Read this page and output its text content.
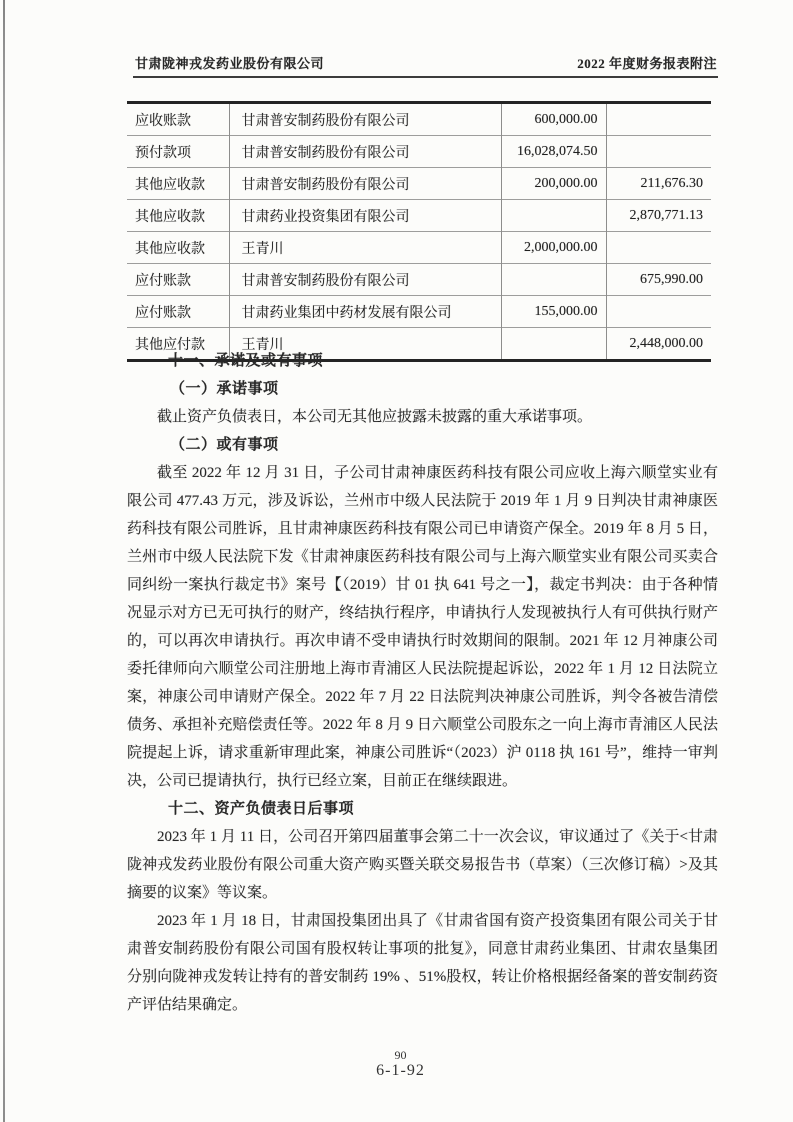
甘肃陇神戎发药业股份有限公司	2022 年度财务报表附注
应收账款	甘肃普安制药股份有限公司	600,000.00	
预付款项	甘肃普安制药股份有限公司	16,028,074.50	
其他应收款	甘肃普安制药股份有限公司	200,000.00	211,676.30
其他应收款	甘肃药业投资集团有限公司		2,870,771.13
其他应收款	王青川	2,000,000.00	
应付账款	甘肃普安制药股份有限公司		675,990.00
应付账款	甘肃药业集团中药材发展有限公司	155,000.00	
其他应付款	王青川		2,448,000.00

十一、承诺及或有事项

（一）承诺事项

截止资产负债表日，本公司无其他应披露未披露的重大承诺事项。

（二）或有事项

截至 2022 年 12 月 31 日，子公司甘肃神康医药科技有限公司应收上海六顺堂实业有限公司 477.43 万元，涉及诉讼，兰州市中级人民法院于 2019 年 1 月 9 日判决甘肃神康医药科技有限公司胜诉，且甘肃神康医药科技有限公司已申请资产保全。2019 年 8 月 5 日，兰州市中级人民法院下发《甘肃神康医药科技有限公司与上海六顺堂实业有限公司买卖合同纠纷一案执行裁定书》案号【（2019）甘 01 执 641 号之一】，裁定书判决：由于各种情况显示对方已无可执行的财产，终结执行程序，申请执行人发现被执行人有可供执行财产的，可以再次申请执行。再次申请不受申请执行时效期间的限制。2021 年 12 月神康公司委托律师向六顺堂公司注册地上海市青浦区人民法院提起诉讼，2022 年 1 月 12 日法院立案，神康公司申请财产保全。2022 年 7 月 22 日法院判决神康公司胜诉，判令各被告清偿债务、承担补充赔偿责任等。2022 年 8 月 9 日六顺堂公司股东之一向上海市青浦区人民法院提起上诉，请求重新审理此案，神康公司胜诉“（2023）沪 0118 执 161 号”，维持一审判决，公司已提请执行，执行已经立案，目前正在继续跟进。

十二、资产负债表日后事项

2023 年 1 月 11 日，公司召开第四届董事会第二十一次会议，审议通过了《关于<甘肃陇神戎发药业股份有限公司重大资产购买暨关联交易报告书（草案）（三次修订稿）>及其摘要的议案》等议案。

2023 年 1 月 18 日，甘肃国投集团出具了《甘肃省国有资产投资集团有限公司关于甘肃普安制药股份有限公司国有股权转让事项的批复》，同意甘肃药业集团、甘肃农垦集团分别向陇神戎发转让持有的普安制药 19% 、51%股权，转让价格根据经备案的普安制药资产评估结果确定。

90
6-1-92
